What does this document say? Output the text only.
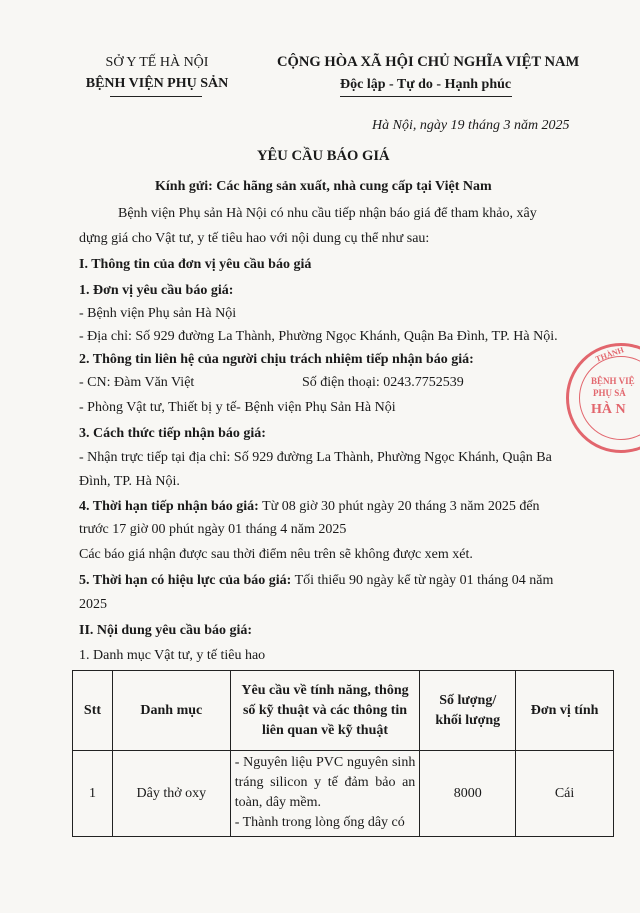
SỞ Y TẾ HÀ NỘI
BỆNH VIỆN PHỤ SẢN
CỘNG HÒA XÃ HỘI CHỦ NGHĨA VIỆT NAM
Độc lập - Tự do - Hạnh phúc
Hà Nội, ngày 19 tháng 3 năm 2025
YÊU CẦU BÁO GIÁ
Kính gửi: Các hãng sản xuất, nhà cung cấp tại Việt Nam
Bệnh viện Phụ sản Hà Nội có nhu cầu tiếp nhận báo giá để tham khảo, xây
dựng giá cho Vật tư, y tế tiêu hao với nội dung cụ thể như sau:
I. Thông tin của đơn vị yêu cầu báo giá
1. Đơn vị yêu cầu báo giá:
- Bệnh viện Phụ sản Hà Nội
- Địa chỉ: Số 929 đường La Thành, Phường Ngọc Khánh, Quận Ba Đình, TP. Hà Nội.
2. Thông tin liên hệ của người chịu trách nhiệm tiếp nhận báo giá:
- CN: Đàm Văn Việt	Số điện thoại: 0243.7752539
- Phòng Vật tư, Thiết bị y tế- Bệnh viện Phụ Sản Hà Nội
3. Cách thức tiếp nhận báo giá:
- Nhận trực tiếp tại địa chỉ: Số 929 đường La Thành, Phường Ngọc Khánh, Quận Ba
Đình, TP. Hà Nội.
4. Thời hạn tiếp nhận báo giá: Từ 08 giờ 30 phút ngày 20 tháng 3 năm 2025 đến
trước 17 giờ 00 phút ngày 01 tháng 4 năm 2025
Các báo giá nhận được sau thời điểm nêu trên sẽ không được xem xét.
5. Thời hạn có hiệu lực của báo giá: Tối thiểu 90 ngày kể từ ngày 01 tháng 04 năm
2025
II. Nội dung yêu cầu báo giá:
1. Danh mục Vật tư, y tế tiêu hao
Stt	Danh mục	Yêu cầu về tính năng, thông số kỹ thuật và các thông tin liên quan về kỹ thuật	Số lượng/ khối lượng	Đơn vị tính
1	Dây thở oxy	- Nguyên liệu PVC nguyên sinh tráng silicon y tế đảm bảo an toàn, dây mềm.
- Thành trong lòng ống dây có	8000	Cái
THÀNH
BỆNH VIỆ
PHỤ SẢ
HÀ N
